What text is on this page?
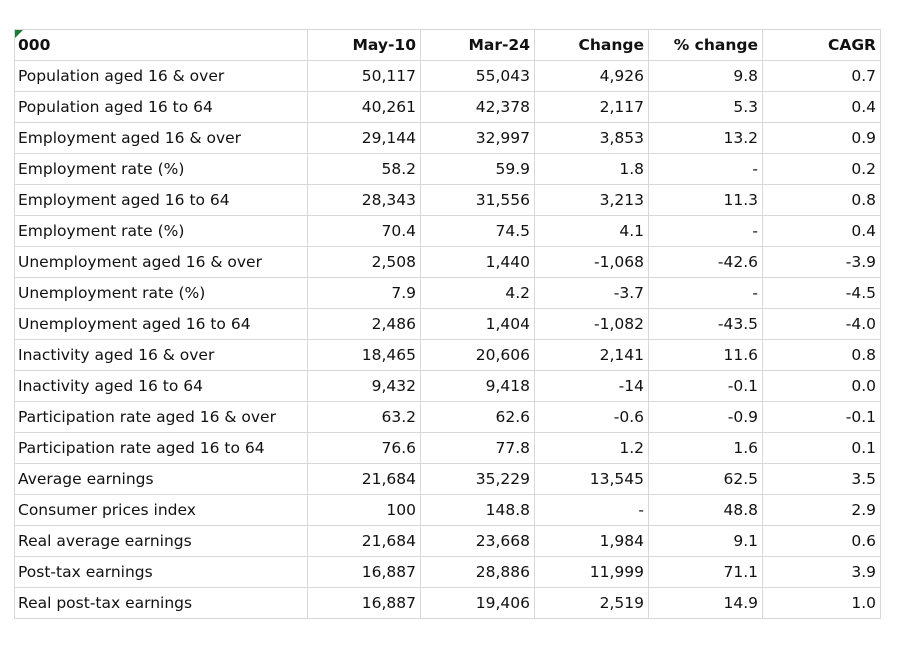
000	May-10	Mar-24	Change	% change	CAGR
Population aged 16 & over	50,117	55,043	4,926	9.8	0.7
Population aged 16 to 64	40,261	42,378	2,117	5.3	0.4
Employment aged 16 & over	29,144	32,997	3,853	13.2	0.9
Employment rate (%)	58.2	59.9	1.8	-	0.2
Employment aged 16 to 64	28,343	31,556	3,213	11.3	0.8
Employment rate (%)	70.4	74.5	4.1	-	0.4
Unemployment aged 16 & over	2,508	1,440	-1,068	-42.6	-3.9
Unemployment rate (%)	7.9	4.2	-3.7	-	-4.5
Unemployment aged 16 to 64	2,486	1,404	-1,082	-43.5	-4.0
Inactivity aged 16 & over	18,465	20,606	2,141	11.6	0.8
Inactivity aged 16 to 64	9,432	9,418	-14	-0.1	0.0
Participation rate aged 16 & over	63.2	62.6	-0.6	-0.9	-0.1
Participation rate aged 16 to 64	76.6	77.8	1.2	1.6	0.1
Average earnings	21,684	35,229	13,545	62.5	3.5
Consumer prices index	100	148.8	-	48.8	2.9
Real average earnings	21,684	23,668	1,984	9.1	0.6
Post-tax earnings	16,887	28,886	11,999	71.1	3.9
Real post-tax earnings	16,887	19,406	2,519	14.9	1.0
